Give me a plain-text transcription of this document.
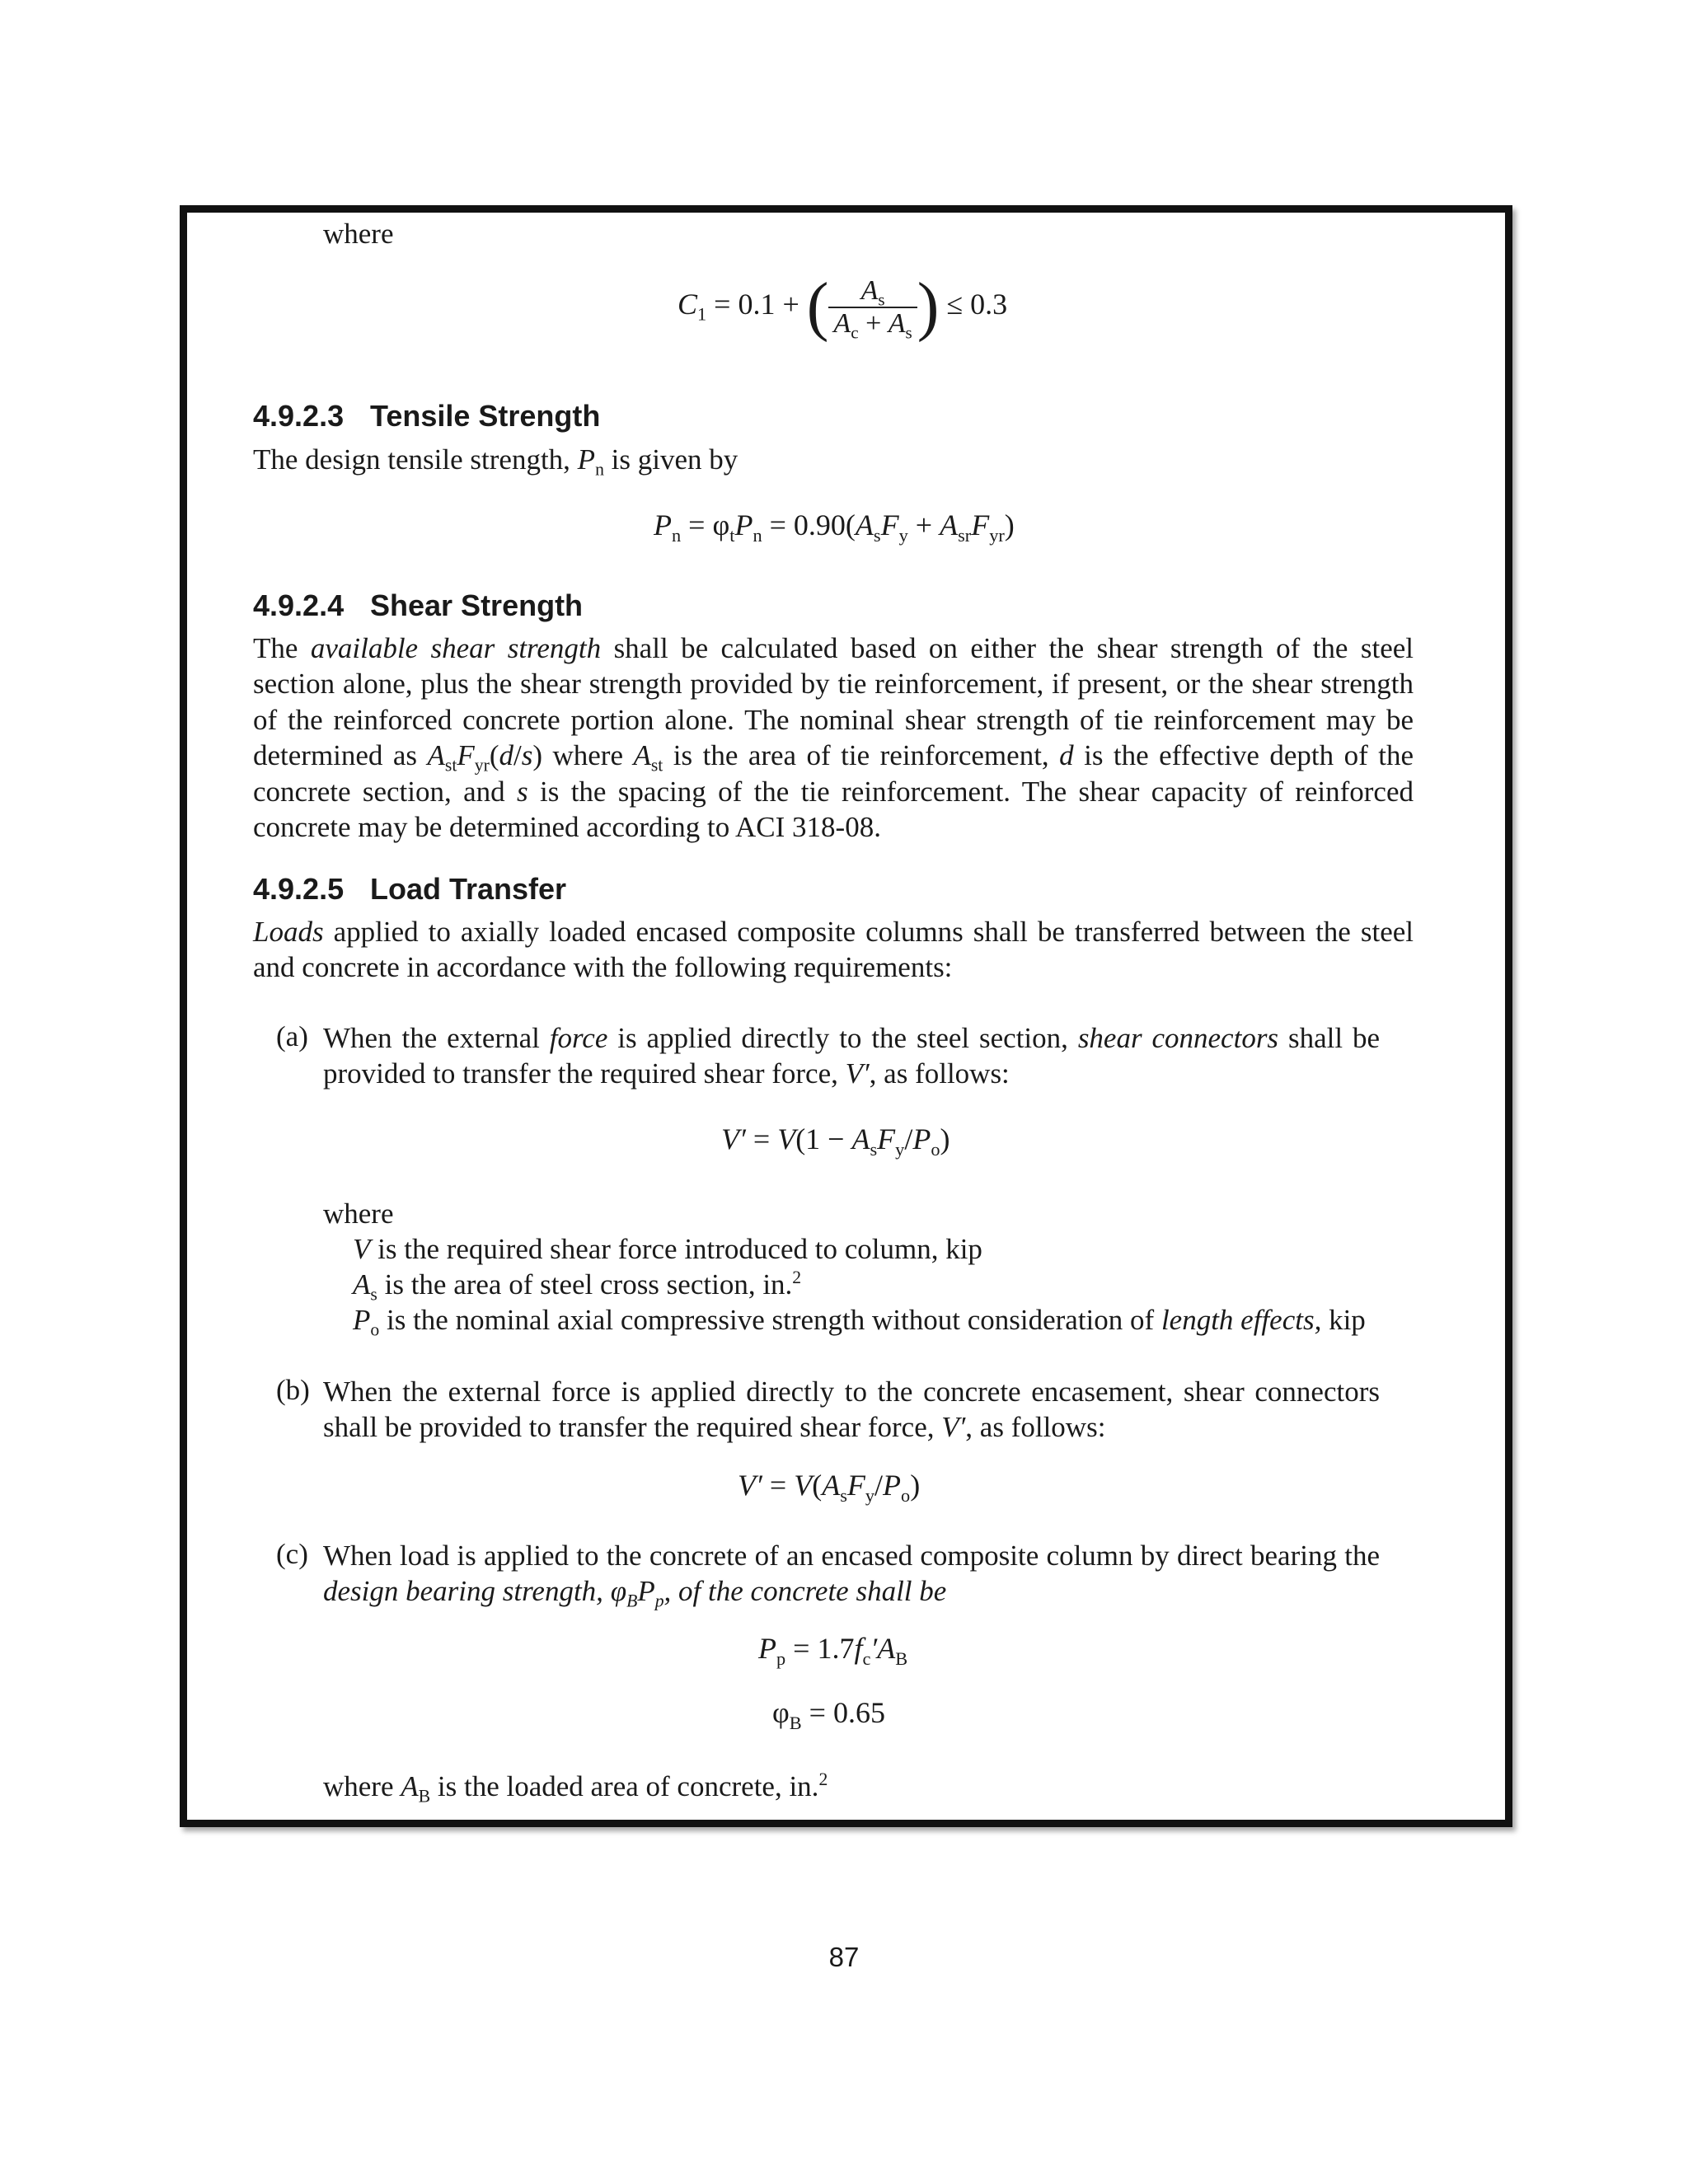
where
$C_1 = 0.1$ + ( $\frac{A_s}{A_c + A_s}$ ) ≤ 0.3
4.9.2.3 Tensile Strength
The design tensile strength, $P_n$ is given by
$P_n = \varphi_tP_n = 0.90(A_sF_y + A_{sr}F_{yr})$
4.9.2.4 Shear Strength
The available shear strength shall be calculated based on either the shear strength of the steel section alone, plus the shear strength provided by tie reinforcement, if present, or the shear strength of the reinforced concrete portion alone. The nominal shear strength of tie reinforcement may be determined as $A_{st}F_{yr}(d/s)$ where $A_{st}$ is the area of tie reinforcement, d is the effective depth of the concrete section, and s is the spacing of the tie reinforcement. The shear capacity of reinforced concrete may be determined according to ACI 318-08.
4.9.2.5 Load Transfer
Loads applied to axially loaded encased composite columns shall be transferred between the steel and concrete in accordance with the following requirements:
(a) When the external force is applied directly to the steel section, shear connectors shall be provided to transfer the required shear force, V′, as follows:
$V' = V(1 - A_sF_y/P_o)$
where
V is the required shear force introduced to column, kip
$A_s$ is the area of steel cross section, in.$^2$
$P_o$ is the nominal axial compressive strength without consideration of length effects, kip
(b) When the external force is applied directly to the concrete encasement, shear connectors shall be provided to transfer the required shear force, V′, as follows:
$V' = V(A_sF_y/P_o)$
(c) When load is applied to the concrete of an encased composite column by direct bearing the design bearing strength, $\varphi_BP_p$, of the concrete shall be
$P_p = 1.7f_c'A_B$
$\varphi_B = 0.65$
where $A_B$ is the loaded area of concrete, in.$^2$
87
